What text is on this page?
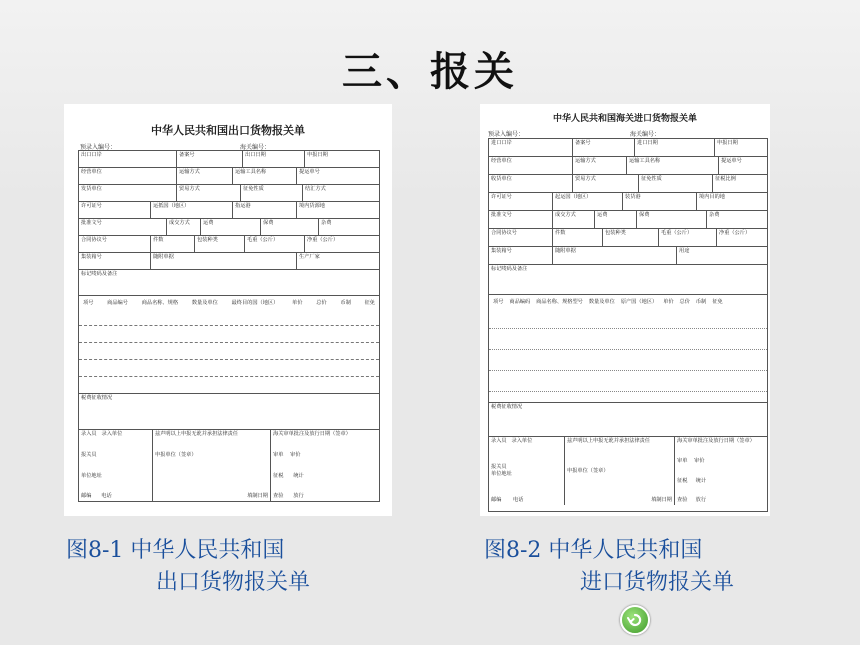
三、报关
中华人民共和国出口货物报关单
预录入编号：	海关编号：
出口口岸	备案号	出口日期	申报日期
经营单位	运输方式	运输工具名称	提运单号
发货单位	贸易方式	征免性质	结汇方式
许可证号	运抵国（地区）	指运港	境内货源地
批准文号	成交方式	运费	保费	杂费
合同协议号	件数	包装种类	毛重（公斤）	净重（公斤）
集装箱号	随附单据	生产厂家
标记唛码及备注
项号	商品编号	商品名称、规格	数量及单位	最终目的国（地区）	单价	总价	币制	征免
税费征收情况
录入员 录入单位
报关员
单位地址
邮编 电话
兹声明以上申报无讹并承担法律责任
申报单位（签章）

填制日期
海关审单批注及放行日期（签章）
审单 审价
征税 统计
查验 放行
中华人民共和国海关进口货物报关单
预录入编号：	海关编号：
进口口岸	备案号	进口日期	申报日期
经营单位	运输方式	运输工具名称	提运单号
收货单位	贸易方式	征免性质	征税比例
许可证号	起运国（地区）	装货港	境内目的地
批准文号	成交方式	运费	保费	杂费
合同协议号	件数	包装种类	毛重（公斤）	净重（公斤）
集装箱号	随附单据	用途
标记唛码及备注
项号 商品编码 商品名称、规格型号 数量及单位 原产国（地区） 单价 总价 币制 征免
税费征收情况
录入员 录入单位
报关员
单位地址
邮编 电话
兹声明以上申报无讹并承担法律责任
申报单位（签章）
填制日期
海关审单批注及放行日期（签章）
审单 审价
征税 统计
查验 放行
图8-1 中华人民共和国
出口货物报关单
图8-2 中华人民共和国
进口货物报关单
